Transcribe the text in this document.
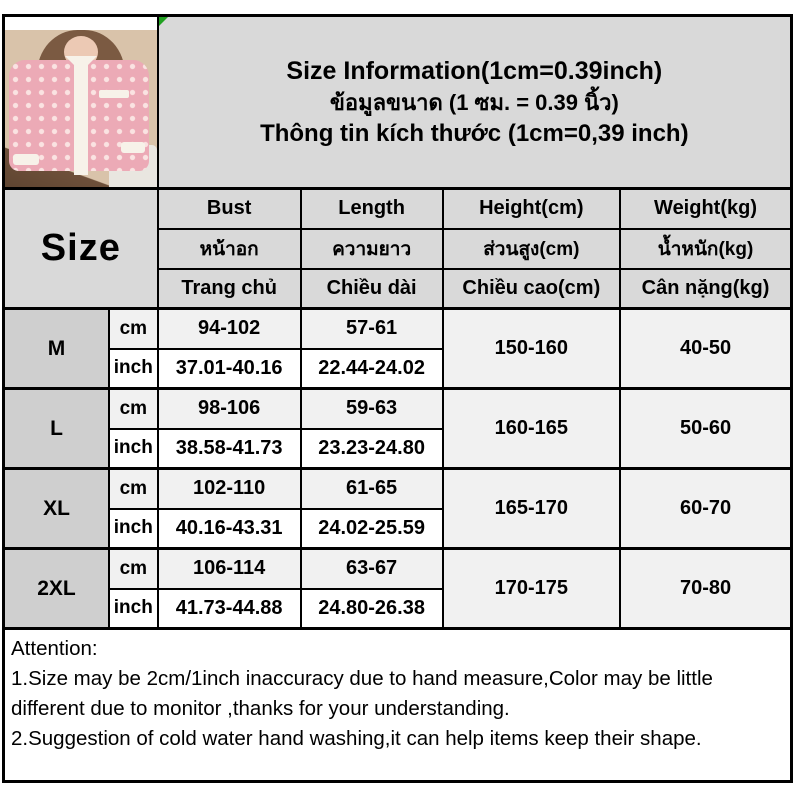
		Size Information(1cm=0.39inch)
ข้อมูลขนาด (1 ซม. = 0.39 นิ้ว)
Thông tin kích thước (1cm=0,39 inch)			

Size		Bust	Length	Height(cm)	Weight(kg)
		หน้าอก	ความยาว	ส่วนสูง(cm)	น้ำหนัก(kg)
		Trang chủ	Chiều dài	Chiều cao(cm)	Cân nặng(kg)
M	cm	94-102	57-61	150-160	40-50
	inch	37.01-40.16	22.44-24.02		
L	cm	98-106	59-63	160-165	50-60
	inch	38.58-41.73	23.23-24.80		
XL	cm	102-110	61-65	165-170	60-70
	inch	40.16-43.31	24.02-25.59		
2XL	cm	106-114	63-67	170-175	70-80
	inch	41.73-44.88	24.80-26.38		

Attention:
1.Size may be 2cm/1inch inaccuracy due to hand measure,Color may be little different due to monitor ,thanks for your understanding.
2.Suggestion of cold water hand washing,it can help items keep their shape.					
